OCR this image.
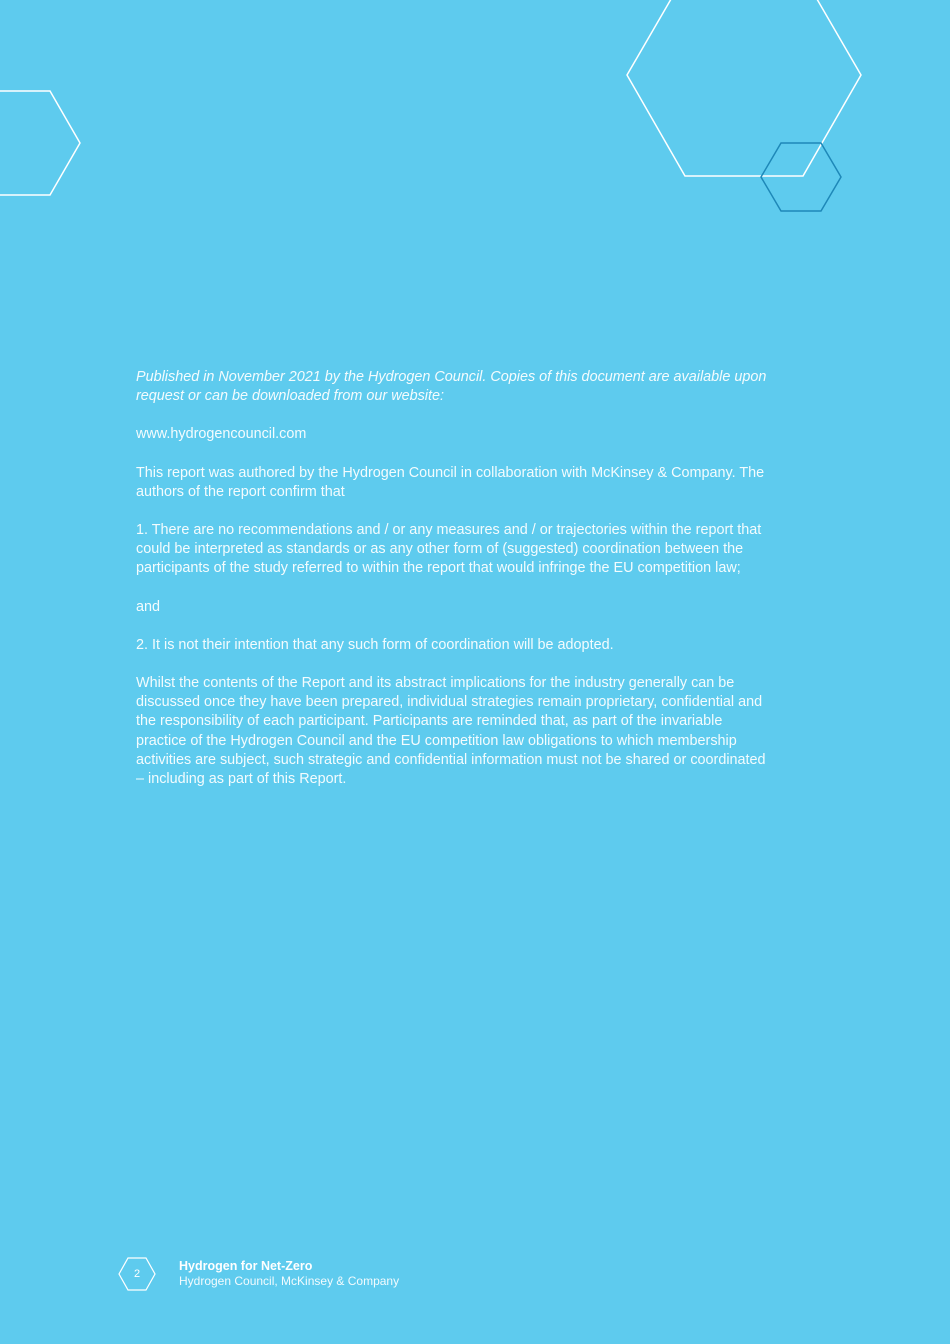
Published in November 2021 by the Hydrogen Council. Copies of this document are available upon request or can be downloaded from our website:

www.hydrogencouncil.com

This report was authored by the Hydrogen Council in collaboration with McKinsey & Company. The authors of the report confirm that

1. There are no recommendations and / or any measures and / or trajectories within the report that could be interpreted as standards or as any other form of (suggested) coordination between the participants of the study referred to within the report that would infringe the EU competition law;

and

2. It is not their intention that any such form of coordination will be adopted.

Whilst the contents of the Report and its abstract implications for the industry generally can be discussed once they have been prepared, individual strategies remain proprietary, confidential and the responsibility of each participant. Participants are reminded that, as part of the invariable practice of the Hydrogen Council and the EU competition law obligations to which membership activities are subject, such strategic and confidential information must not be shared or coordinated – including as part of this Report.

2
Hydrogen for Net-Zero
Hydrogen Council, McKinsey & Company
